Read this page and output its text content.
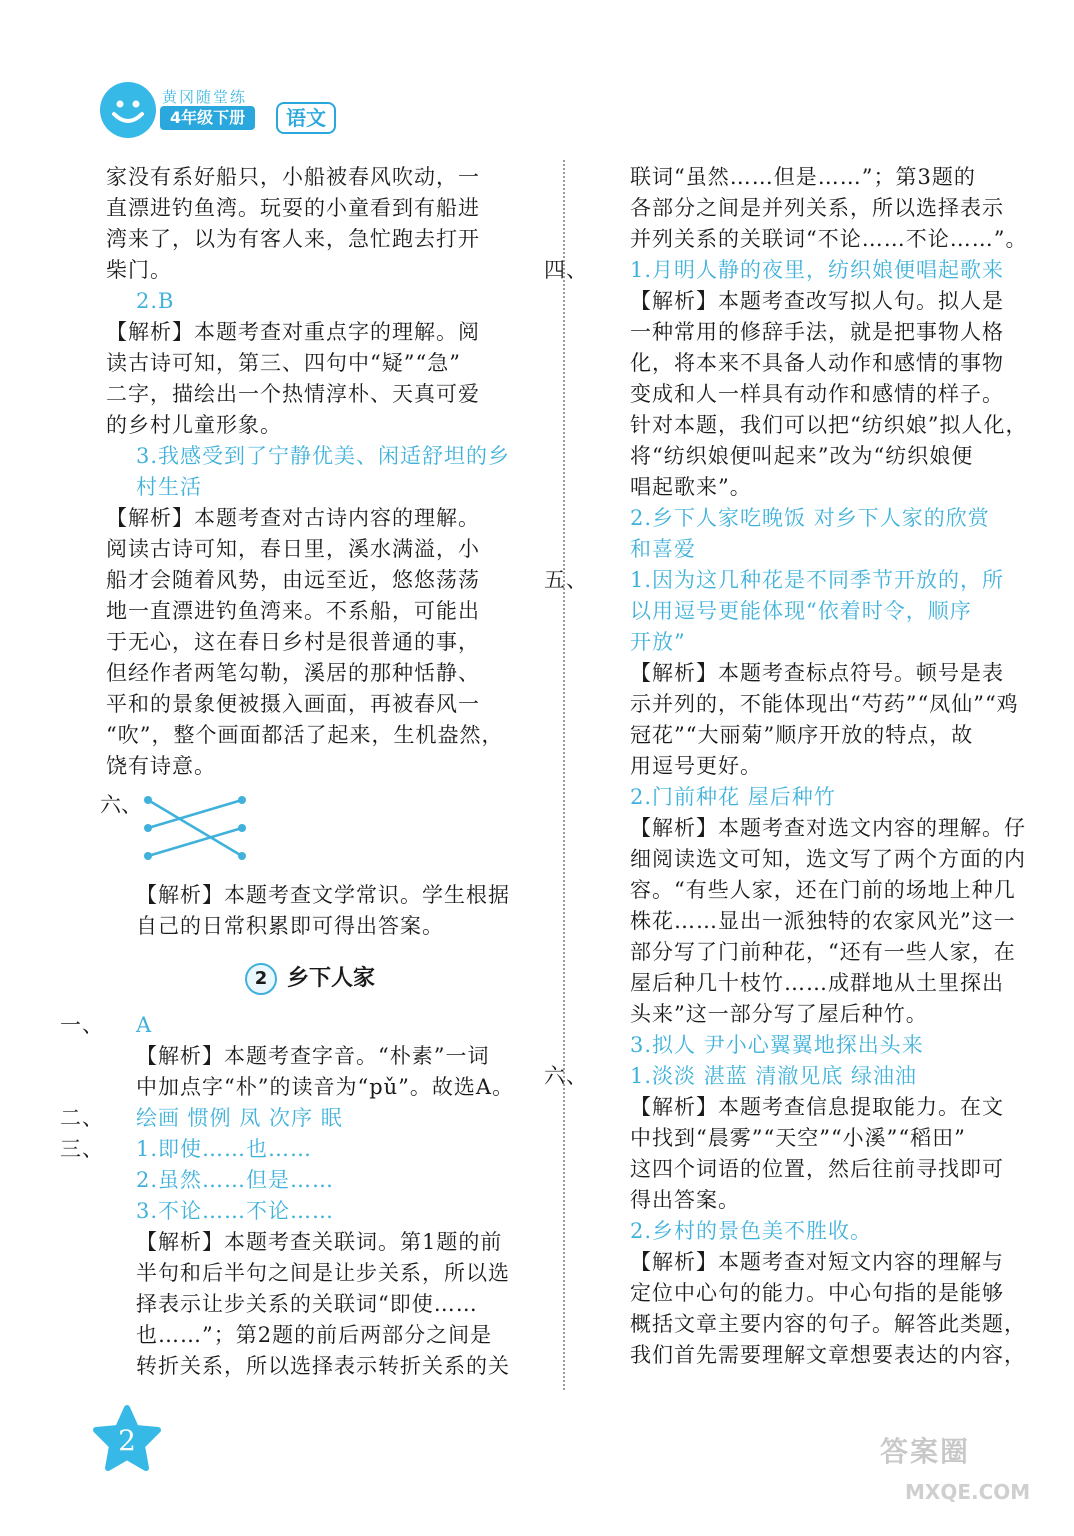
黄冈随堂练
4年级下册	语文
家没有系好船只，小船被春风吹动，一
直漂进钓鱼湾。玩耍的小童看到有船进
湾来了，以为有客人来，急忙跑去打开
柴门。
2.B
【解析】本题考查对重点字的理解。阅
读古诗可知，第三、四句中“疑”“急”
二字，描绘出一个热情淳朴、天真可爱
的乡村儿童形象。
3.我感受到了宁静优美、闲适舒坦的乡
村生活
【解析】本题考查对古诗内容的理解。
阅读古诗可知，春日里，溪水满溢，小
船才会随着风势，由远至近，悠悠荡荡
地一直漂进钓鱼湾来。不系船，可能出
于无心，这在春日乡村是很普通的事，
但经作者两笔勾勒，溪居的那种恬静、
平和的景象便被摄入画面，再被春风一
“吹”，整个画面都活了起来，生机盎然，
饶有诗意。
【解析】本题考查文学常识。学生根据
自己的日常积累即可得出答案。
A
一、
【解析】本题考查字音。“朴素”一词
中加点字“朴”的读音为“pǔ”。故选A。
绘画 惯例 凤 次序 眠
二、
1.即使……也……
三、
2.虽然……但是……
3.不论……不论……
【解析】本题考查关联词。第1题的前
半句和后半句之间是让步关系，所以选
择表示让步关系的关联词“即使……
也……”；第2题的前后两部分之间是
转折关系，所以选择表示转折关系的关
联词“虽然……但是……”；第3题的
各部分之间是并列关系，所以选择表示
并列关系的关联词“不论……不论……”。
1.月明人静的夜里，纺织娘便唱起歌来
四、
【解析】本题考查改写拟人句。拟人是
一种常用的修辞手法，就是把事物人格
化，将本来不具备人动作和感情的事物
变成和人一样具有动作和感情的样子。
针对本题，我们可以把“纺织娘”拟人化，
将“纺织娘便叫起来”改为“纺织娘便
唱起歌来”。
2.乡下人家吃晚饭 对乡下人家的欣赏
和喜爱
1.因为这几种花是不同季节开放的，所
五、
以用逗号更能体现“依着时令，顺序
开放”
【解析】本题考查标点符号。顿号是表
示并列的，不能体现出“芍药”“凤仙”“鸡
冠花”“大丽菊”顺序开放的特点，故
用逗号更好。
2.门前种花 屋后种竹
【解析】本题考查对选文内容的理解。仔
细阅读选文可知，选文写了两个方面的内
容。“有些人家，还在门前的场地上种几
株花……显出一派独特的农家风光”这一
部分写了门前种花，“还有一些人家，在
屋后种几十枝竹……成群地从土里探出
头来”这一部分写了屋后种竹。
3.拟人 尹小心翼翼地探出头来
1.淡淡 湛蓝 清澈见底 绿油油
六、
【解析】本题考查信息提取能力。在文
中找到“晨雾”“天空”“小溪”“稻田”
这四个词语的位置，然后往前寻找即可
得出答案。
2.乡村的景色美不胜收。
【解析】本题考查对短文内容的理解与
定位中心句的能力。中心句指的是能够
概括文章主要内容的句子。解答此类题，
我们首先需要理解文章想要表达的内容，
六、
2 乡下人家
2	答案圈
MXQE.COM
